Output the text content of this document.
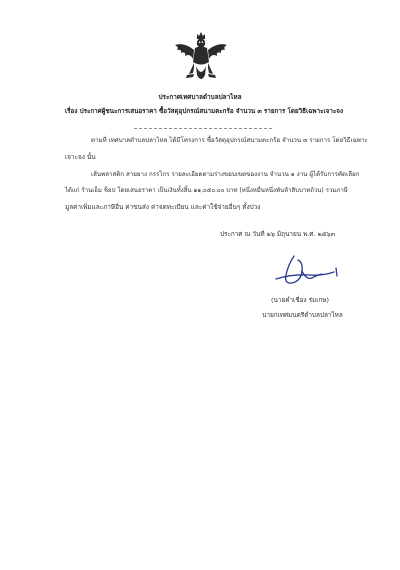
ประกาศเทศบาลตำบลปลาไหล
เรื่อง ประกาศผู้ชนะการเสนอราคา ซื้อวัสดุอุปกรณ์สนามตะกร้อ จำนวน ๓ รายการ โดยวิธีเฉพาะเจาะจง
ตามที่ เทศบาลตำบลปลาไหล ได้มีโครงการ ซื้อวัสดุอุปกรณ์สนามตะกร้อ จำนวน ๓ รายการ โดยวิธีเฉพาะ
เจาะจง นั้น
เส้นพลาสติก สายยาง กรรไกร รายละเอียดตามร่างขอบเขตของงาน จำนวน ๑ งาน ผู้ได้รับการคัดเลือก
ได้แก่ ร้านเอ็ม ช็อป โดยเสนอราคา เป็นเงินทั้งสิ้น ๑๑,๐๕๐.๐๐ บาท (หนึ่งหมื่นหนึ่งพันห้าสิบบาทถ้วน) รวมภาษี
มูลค่าเพิ่มและภาษีอื่น ค่าขนส่ง ค่าจดทะเบียน และค่าใช้จ่ายอื่นๆ ทั้งปวง
ประกาศ ณ วันที่ ๒๖ มิถุนายน พ.ศ. ๒๕๖๓
(นายคำเชื่อง ร่มเกษ)
นายกเทศมนตรีตำบลปลาไหล
